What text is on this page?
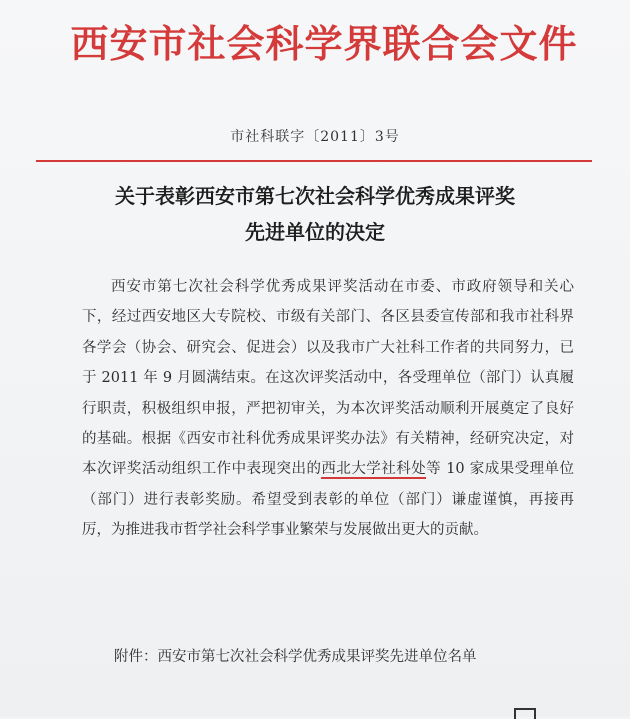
西安市社会科学界联合会文件
市社科联字〔2011〕3号
关于表彰西安市第七次社会科学优秀成果评奖
先进单位的决定

西安市第七次社会科学优秀成果评奖活动在市委、市政府领导和关心下，经过西安地区大专院校、市级有关部门、各区县委宣传部和我市社科界各学会（协会、研究会、促进会）以及我市广大社科工作者的共同努力，已于 2011 年 9 月圆满结束。在这次评奖活动中，各受理单位（部门）认真履行职责，积极组织申报，严把初审关，为本次评奖活动顺利开展奠定了良好的基础。根据《西安市社科优秀成果评奖办法》有关精神，经研究决定，对本次评奖活动组织工作中表现突出的西北大学社科处等 10 家成果受理单位（部门）进行表彰奖励。希望受到表彰的单位（部门）谦虚谨慎，再接再厉，为推进我市哲学社会科学事业繁荣与发展做出更大的贡献。

附件：西安市第七次社会科学优秀成果评奖先进单位名单
